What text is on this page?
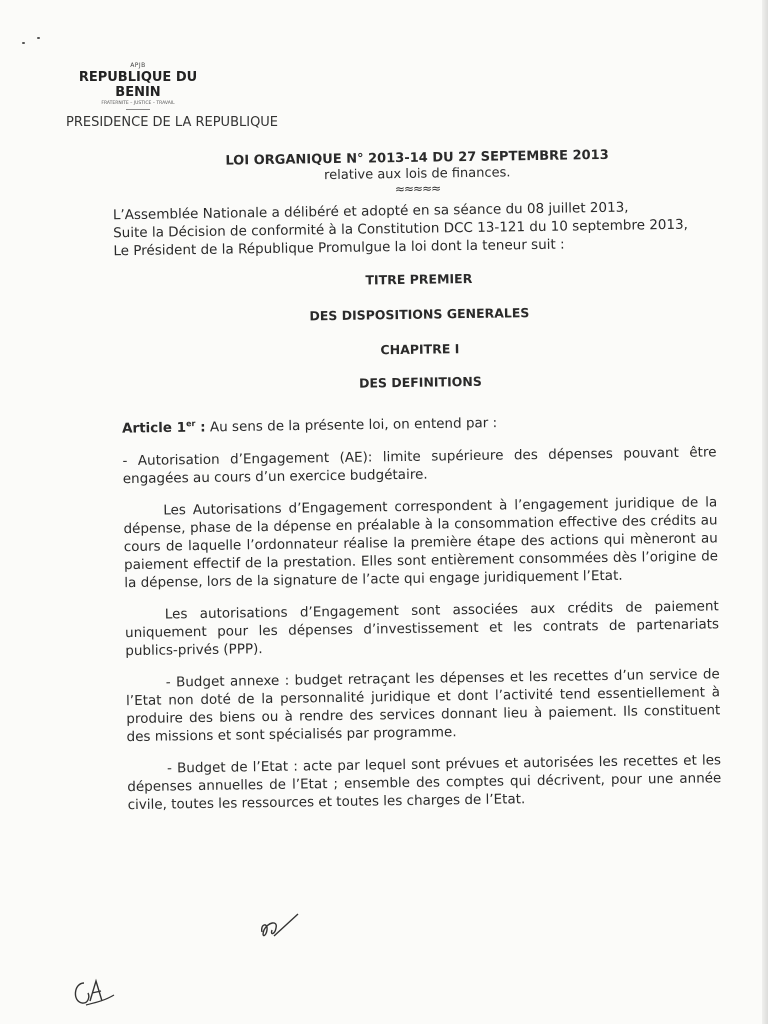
APJB
REPUBLIQUE DU BENIN
FRATERNITE – JUSTICE – TRAVAIL
PRESIDENCE DE LA REPUBLIQUE
LOI ORGANIQUE N° 2013-14 DU 27 SEPTEMBRE 2013
relative aux lois de finances.
≈≈≈≈≈

L’Assemblée Nationale a délibéré et adopté en sa séance du 08 juillet 2013,

Suite la Décision de conformité à la Constitution DCC 13-121 du 10 septembre 2013,

Le Président de la République Promulgue la loi dont la teneur suit :

TITRE PREMIER
DES DISPOSITIONS GENERALES
CHAPITRE I
DES DEFINITIONS
Article 1er : Au sens de la présente loi, on entend par :

- Autorisation d’Engagement (AE): limite supérieure des dépenses pouvant être engagées au cours d’un exercice budgétaire.

Les Autorisations d’Engagement correspondent à l’engagement juridique de la dépense, phase de la dépense en préalable à la consommation effective des crédits au cours de laquelle l’ordonnateur réalise la première étape des actions qui mèneront au paiement effectif de la prestation. Elles sont entièrement consommées dès l’origine de la dépense, lors de la signature de l’acte qui engage juridiquement l’Etat.

Les autorisations d’Engagement sont associées aux crédits de paiement uniquement pour les dépenses d’investissement et les contrats de partenariats publics-privés (PPP).

- Budget annexe : budget retraçant les dépenses et les recettes d’un service de l’Etat non doté de la personnalité juridique et dont l’activité tend essentiellement à produire des biens ou à rendre des services donnant lieu à paiement. Ils constituent des missions et sont spécialisés par programme.

- Budget de l’Etat : acte par lequel sont prévues et autorisées les recettes et les dépenses annuelles de l’Etat ; ensemble des comptes qui décrivent, pour une année civile, toutes les ressources et toutes les charges de l’Etat.
